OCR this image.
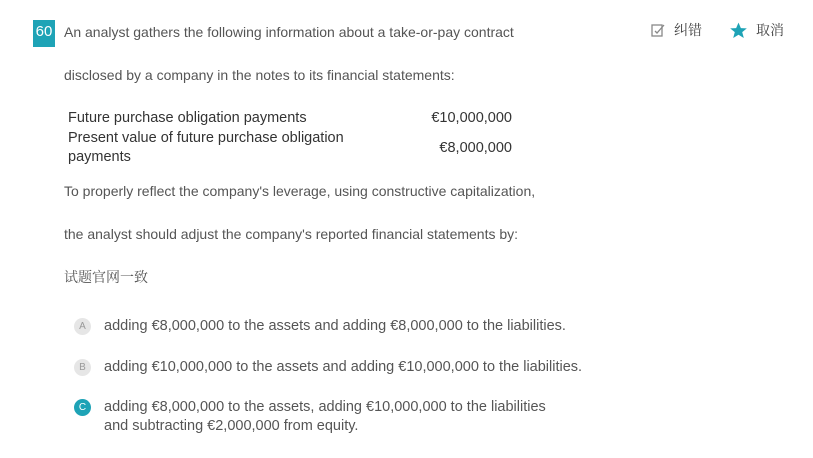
60 An analyst gathers the following information about a take-or-pay contract
disclosed by a company in the notes to its financial statements:
纠错	取消
Future purchase obligation payments	€10,000,000
Present value of future purchase obligation payments	€8,000,000
To properly reflect the company's leverage, using constructive capitalization,
the analyst should adjust the company's reported financial statements by:
试题官网一致
A	adding €8,000,000 to the assets and adding €8,000,000 to the liabilities.
B	adding €10,000,000 to the assets and adding €10,000,000 to the liabilities.
C	adding €8,000,000 to the assets, adding €10,000,000 to the liabilities
and subtracting €2,000,000 from equity.
